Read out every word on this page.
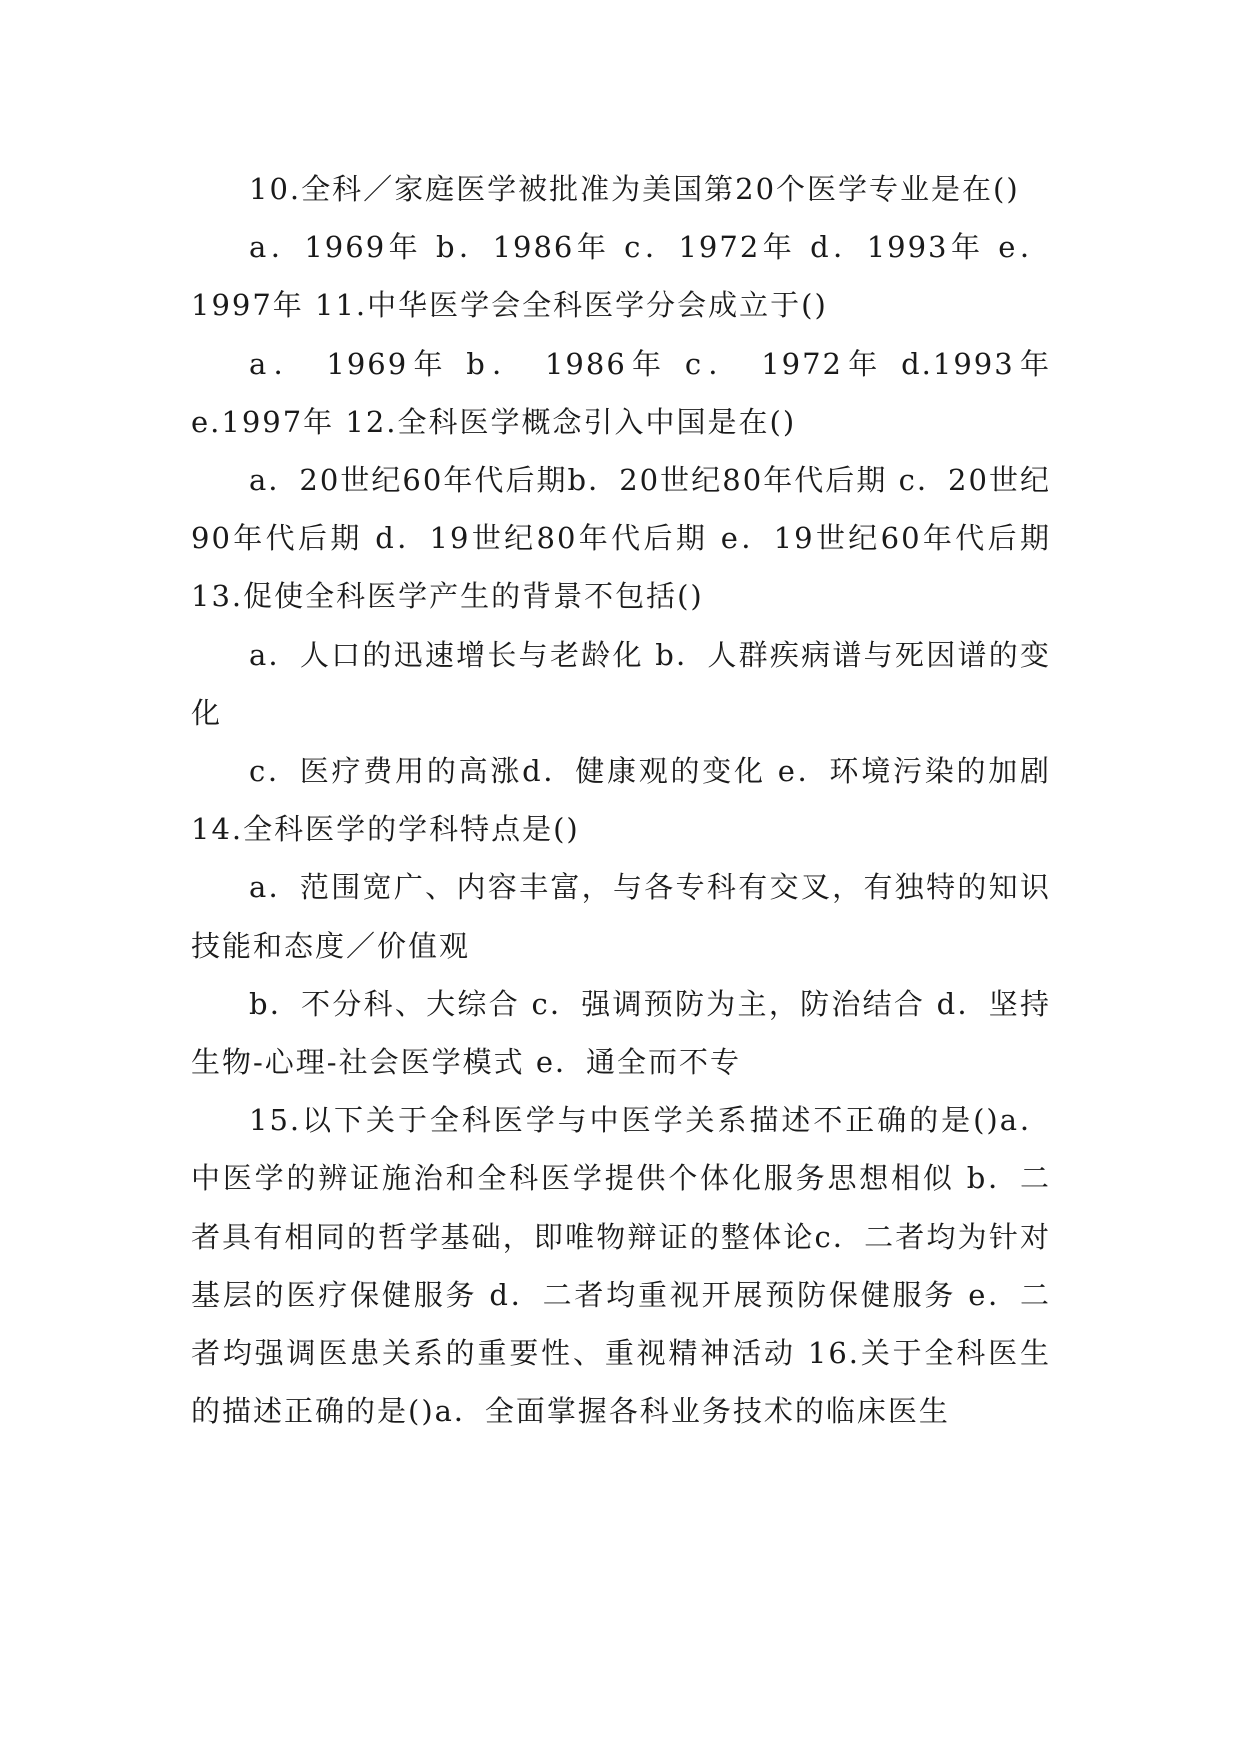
10.全科／家庭医学被批准为美国第20个医学专业是在()

a．1969年 b．1986年 c．1972年 d．1993年 e．1997年 11.中华医学会全科医学分会成立于()

a． 1969年 b． 1986年 c． 1972年 d.1993年 e.1997年 12.全科医学概念引入中国是在()

a．20世纪60年代后期b．20世纪80年代后期 c．20世纪90年代后期 d．19世纪80年代后期 e．19世纪60年代后期 13.促使全科医学产生的背景不包括()

a．人口的迅速增长与老龄化 b．人群疾病谱与死因谱的变化

c．医疗费用的高涨d．健康观的变化 e．环境污染的加剧 14.全科医学的学科特点是()

a．范围宽广、内容丰富，与各专科有交叉，有独特的知识技能和态度／价值观

b．不分科、大综合 c．强调预防为主，防治结合 d．坚持生物-心理-社会医学模式 e．通全而不专

15.以下关于全科医学与中医学关系描述不正确的是()a．中医学的辨证施治和全科医学提供个体化服务思想相似 b．二者具有相同的哲学基础，即唯物辩证的整体论c．二者均为针对基层的医疗保健服务 d．二者均重视开展预防保健服务 e．二者均强调医患关系的重要性、重视精神活动 16.关于全科医生的描述正确的是()a．全面掌握各科业务技术的临床医生
